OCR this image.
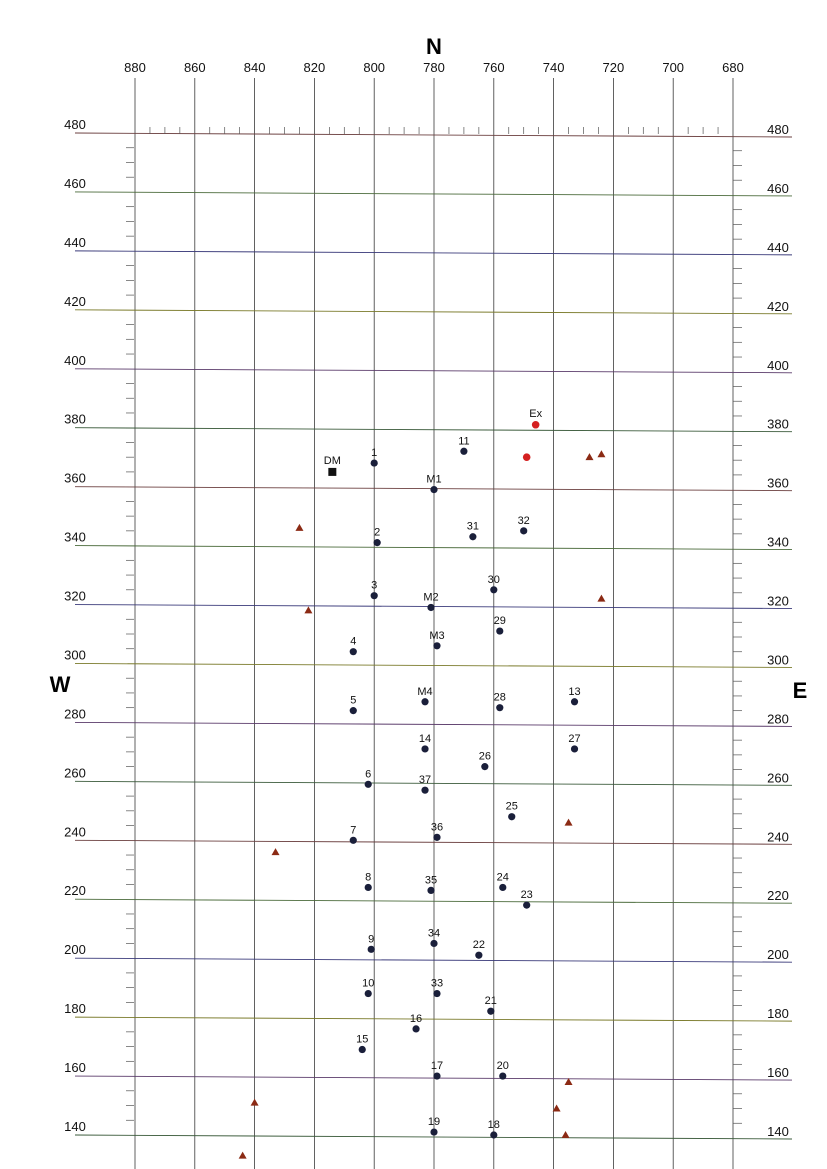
880	860	840	820	800	780	760	740	720	700	680
480	480
460	460
440	440
420	420
400	400
380	380
360	360
340	340
320	320
300	300
280	280
260	260
240	240
220	220
200	200
180	180
160	160
140	140
1
2
3
4
5
6
7
8
9
10
11
13
14
15
16
17
18
19
20
21
22
23
24
25
26
27
28
29
30
31	32
33
34
35
36
37
M1
M2
M3
M4
Ex
DM
N
W	E
